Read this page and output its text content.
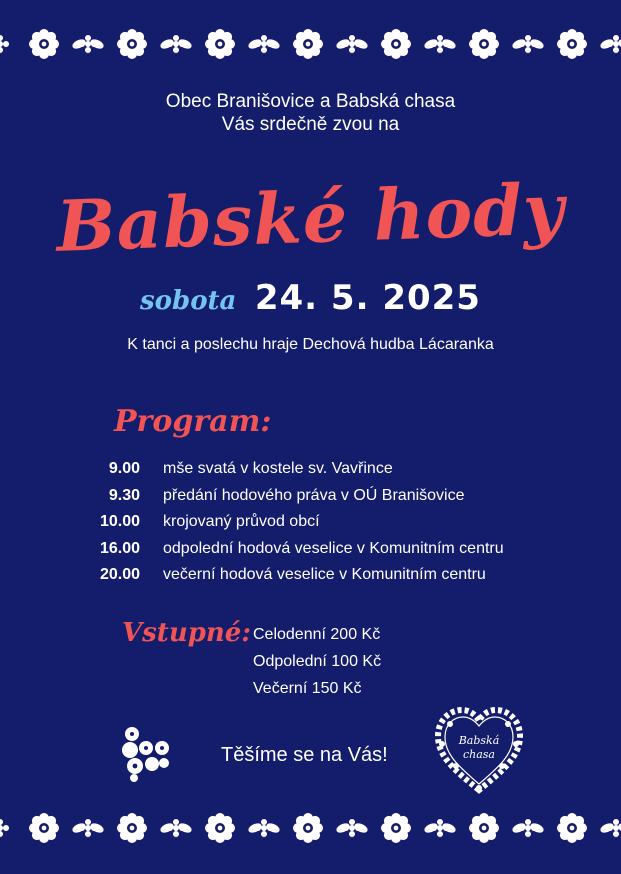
Obec Branišovice a Babská chasa
Vás srdečně zvou na
Babské hody
sobota 24. 5. 2025
K tanci a poslechu hraje Dechová hudba Lácaranka
Program:
9.00 mše svatá v kostele sv. Vavřince
9.30 předání hodového práva v OÚ Branišovice
10.00 krojovaný průvod obcí
16.00 odpolední hodová veselice v Komunitním centru
20.00 večerní hodová veselice v Komunitním centru
Vstupné: Celodenní 200 Kč
Odpolední 100 Kč
Večerní 150 Kč
Těšíme se na Vás!
Babská
chasa
